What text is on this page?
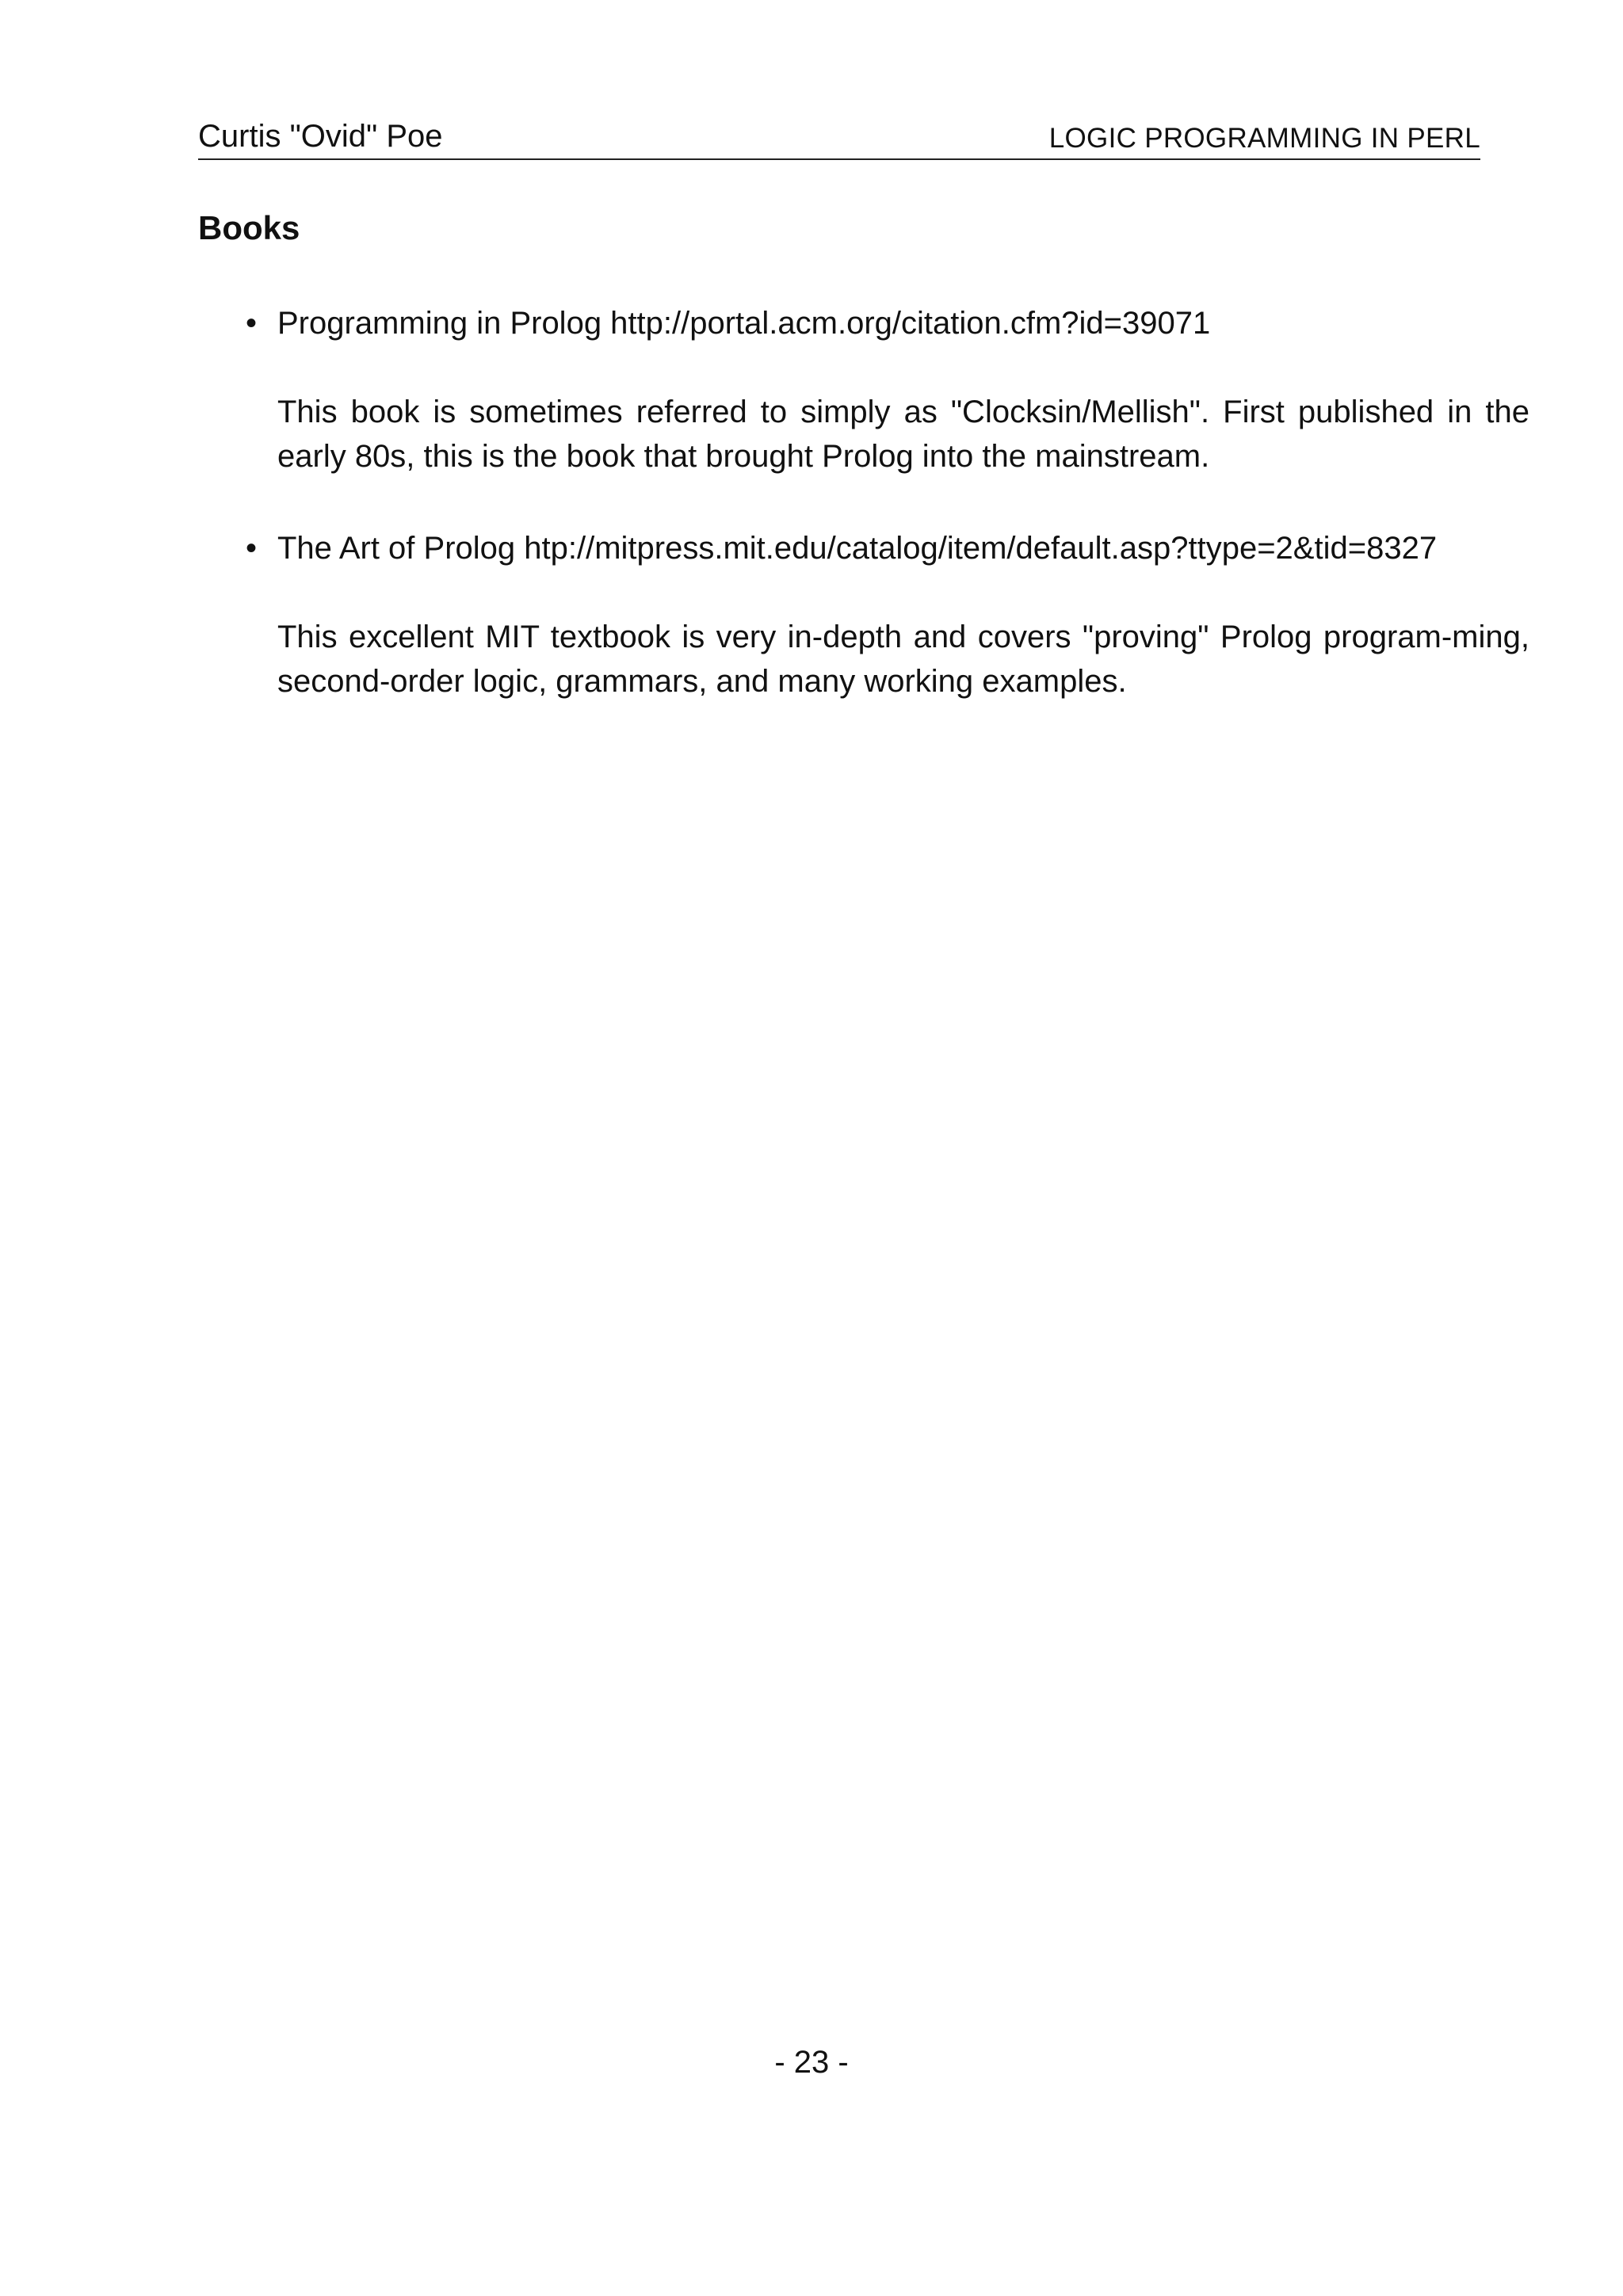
Curtis "Ovid" Poe	LOGIC PROGRAMMING IN PERL
Books
• Programming in Prolog http://portal.acm.org/citation.cfm?id=39071
This book is sometimes referred to simply as "Clocksin/Mellish". First published in the early 80s, this is the book that brought Prolog into the mainstream.
• The Art of Prolog htp://mitpress.mit.edu/catalog/item/default.asp?ttype=2&tid=8327
This excellent MIT textbook is very in-depth and covers "proving" Prolog program-ming, second-order logic, grammars, and many working examples.
- 23 -
